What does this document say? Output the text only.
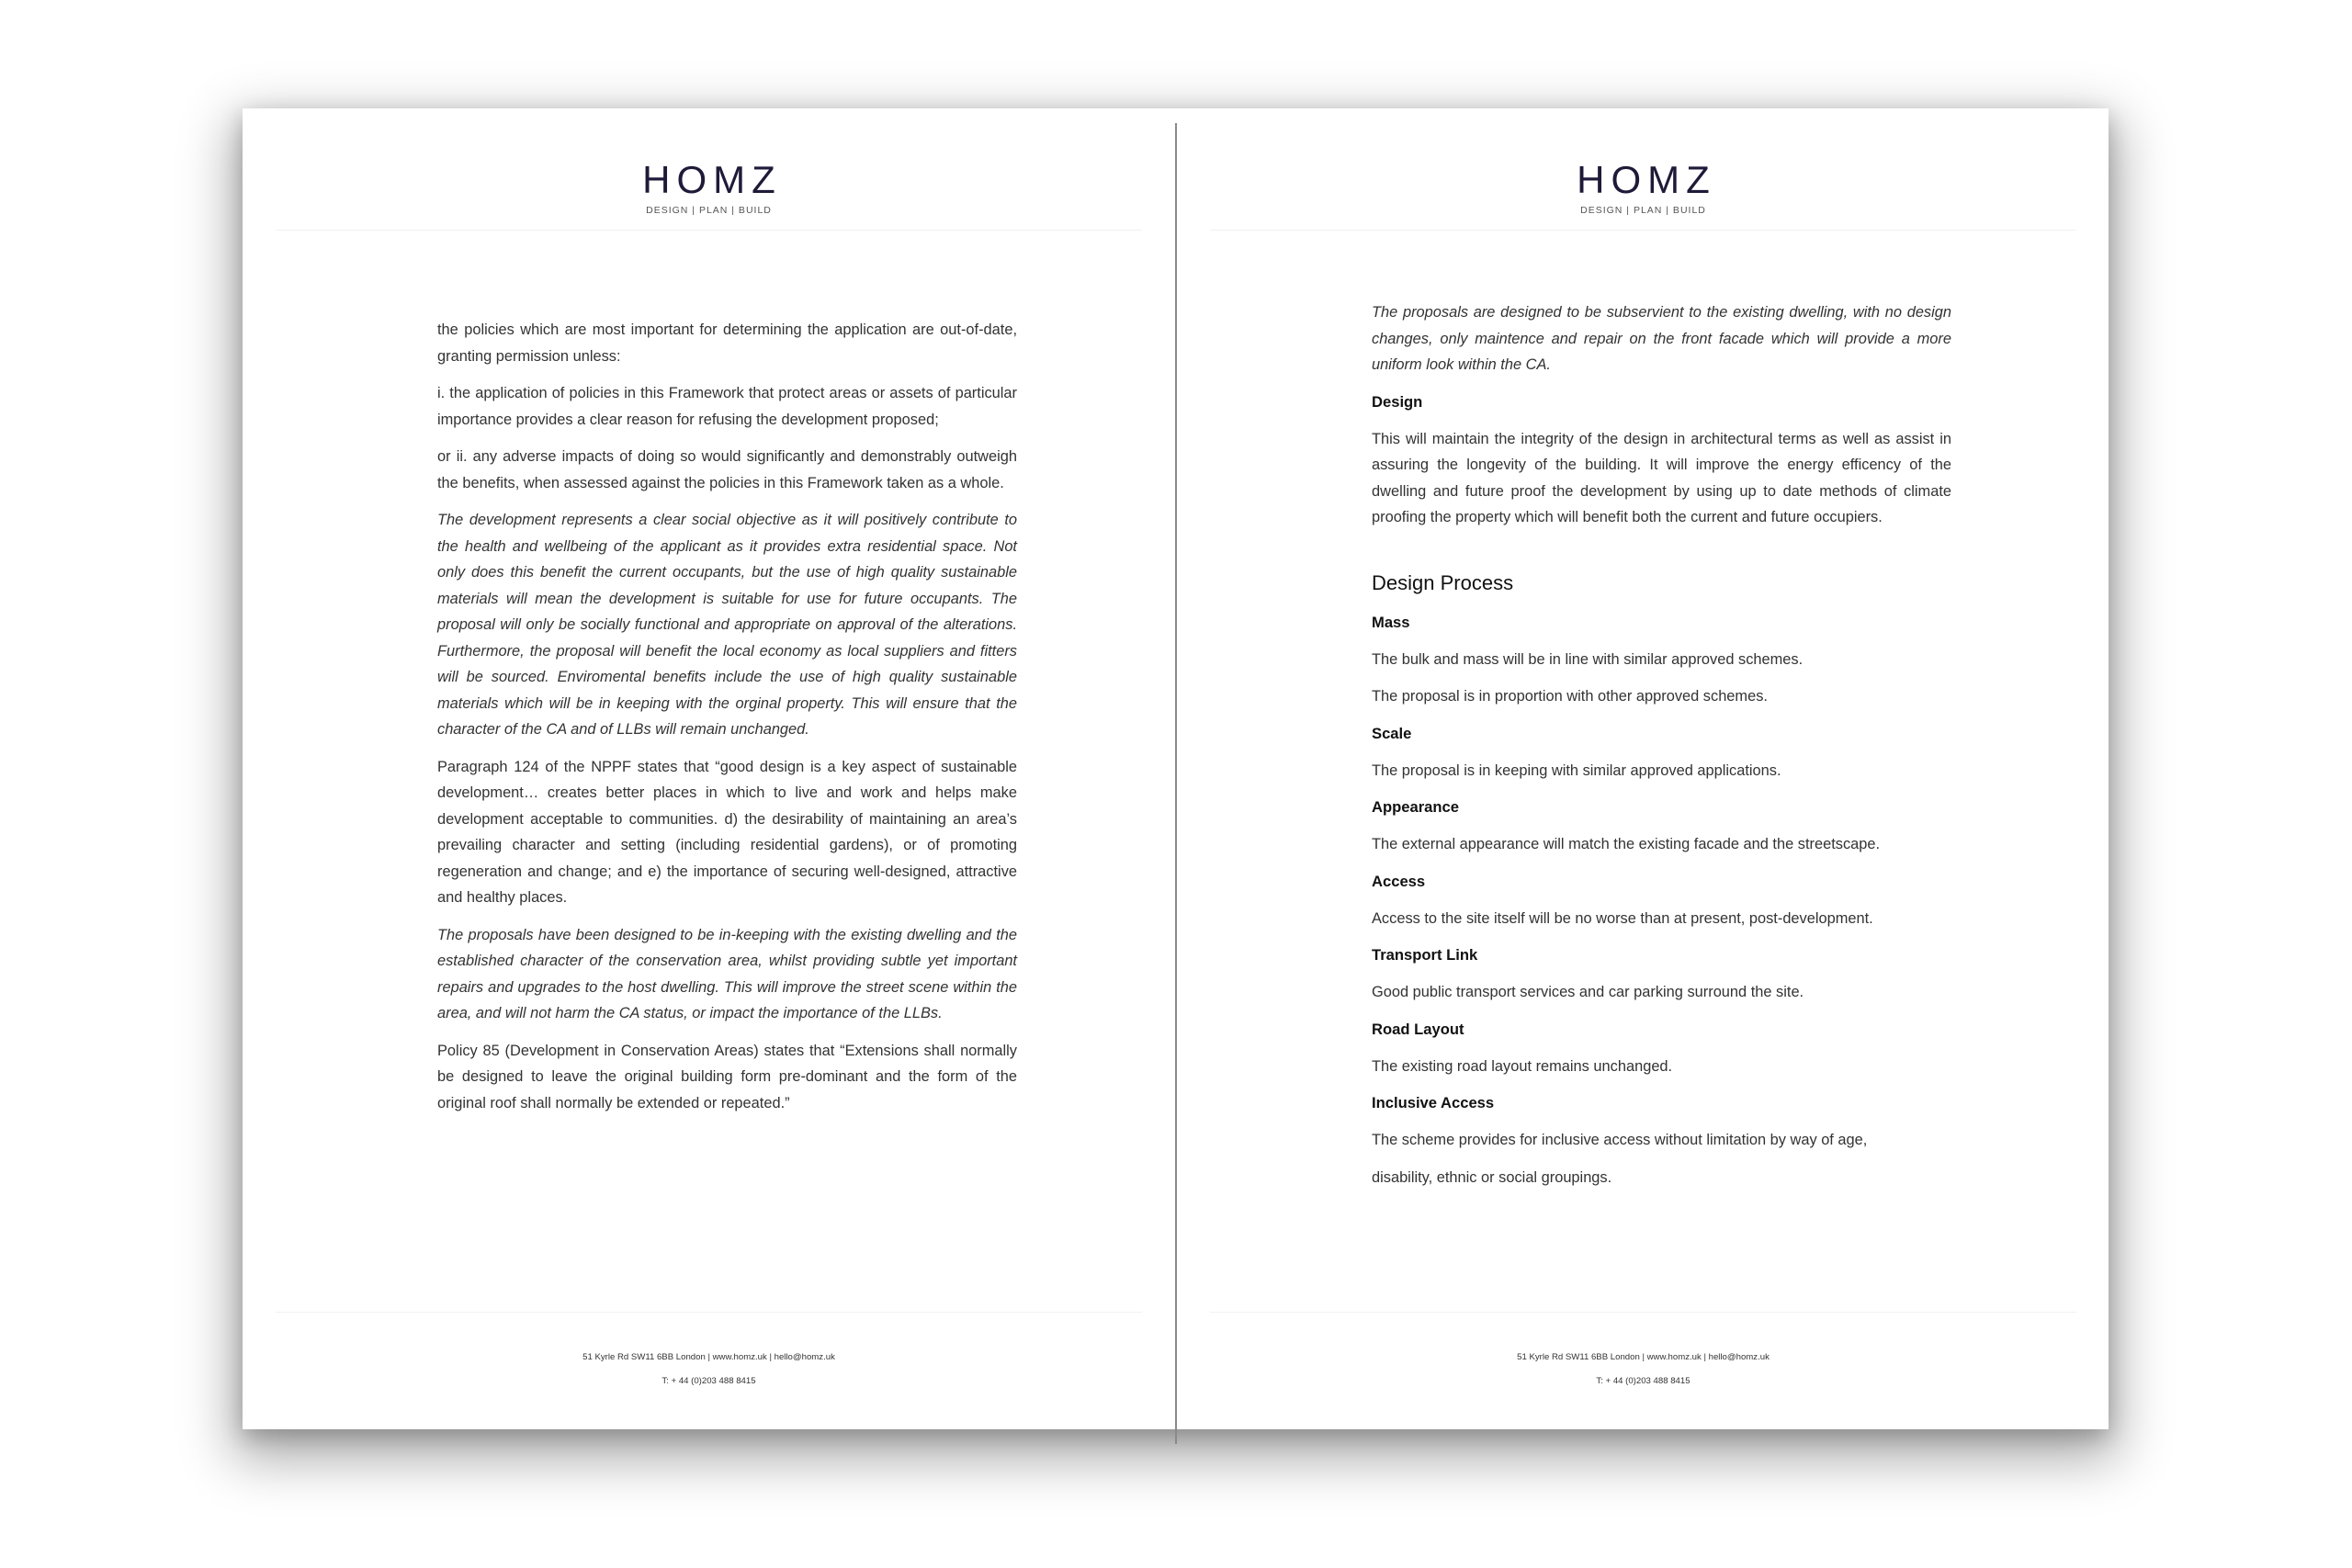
HOMZ
DESIGN | PLAN | BUILD

the policies which are most important for determining the application are out-of-date, granting permission unless:

i. the application of policies in this Framework that protect areas or assets of particular importance provides a clear reason for refusing the development proposed;

or ii. any adverse impacts of doing so would significantly and demonstrably outweigh the benefits, when assessed against the policies in this Framework taken as a whole.

The development represents a clear social objective as it will positively contribute to the health and wellbeing of the applicant as it provides extra residential space. Not only does this benefit the current occupants, but the use of high quality sustainable materials will mean the development is suitable for use for future occupants. The proposal will only be socially functional and appropriate on approval of the alterations. Furthermore, the proposal will benefit the local economy as local suppliers and fitters will be sourced. Enviromental benefits include the use of high quality sustainable materials which will be in keeping with the orginal property. This will ensure that the character of the CA and of LLBs will remain unchanged.

Paragraph 124 of the NPPF states that “good design is a key aspect of sustainable development… creates better places in which to live and work and helps make development acceptable to communities. d) the desirability of maintaining an area’s prevailing character and setting (including residential gardens), or of promoting regeneration and change; and e) the importance of securing well-designed, attractive and healthy places.

The proposals have been designed to be in-keeping with the existing dwelling and the established character of the conservation area, whilst providing subtle yet important repairs and upgrades to the host dwelling. This will improve the street scene within the area, and will not harm the CA status, or impact the importance of the LLBs.

Policy 85 (Development in Conservation Areas) states that “Extensions shall normally be designed to leave the original building form pre-dominant and the form of the original roof shall normally be extended or repeated.”

51 Kyrle Rd SW11 6BB London | www.homz.uk | hello@homz.uk
T: + 44 (0)203 488 8415
HOMZ
DESIGN | PLAN | BUILD

The proposals are designed to be subservient to the existing dwelling, with no design changes, only maintence and repair on the front facade which will provide a more uniform look within the CA.

Design

This will maintain the integrity of the design in architectural terms as well as assist in assuring the longevity of the building. It will improve the energy efficency of the dwelling and future proof the development by using up to date methods of climate proofing the property which will benefit both the current and future occupiers.

Design Process
Mass

The bulk and mass will be in line with similar approved schemes.

The proposal is in proportion with other approved schemes.

Scale

The proposal is in keeping with similar approved applications.

Appearance

The external appearance will match the existing facade and the streetscape.

Access

Access to the site itself will be no worse than at present, post-development.

Transport Link

Good public transport services and car parking surround the site.

Road Layout

The existing road layout remains unchanged.

Inclusive Access

The scheme provides for inclusive access without limitation by way of age,

disability, ethnic or social groupings.

51 Kyrle Rd SW11 6BB London | www.homz.uk | hello@homz.uk
T: + 44 (0)203 488 8415
